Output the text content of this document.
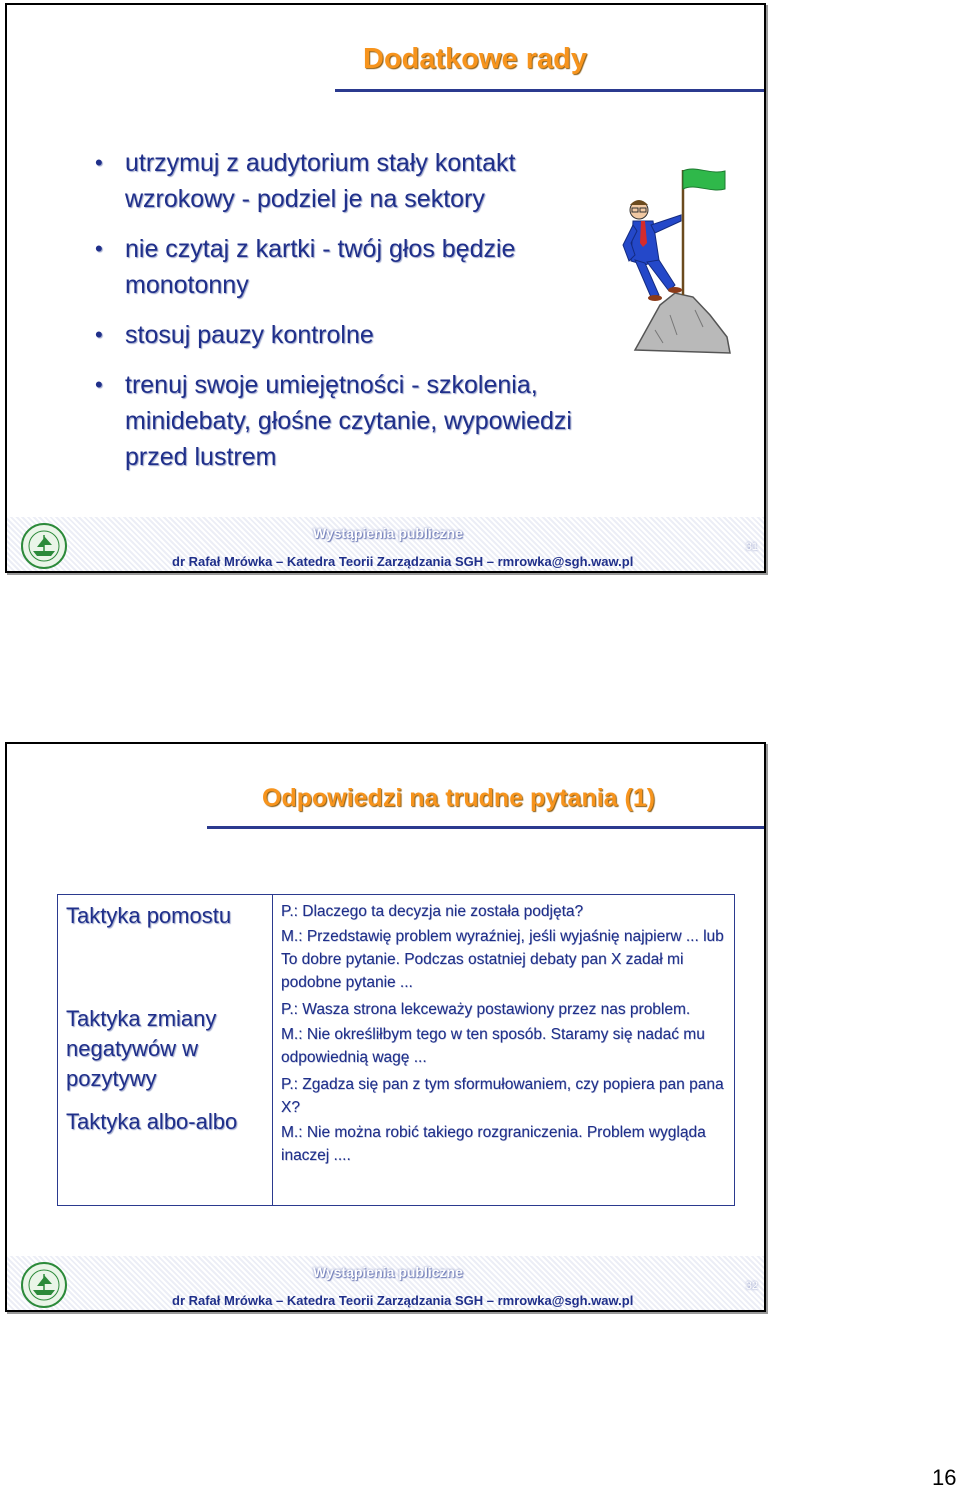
Dodatkowe rady
• utrzymuj z audytorium stały kontakt wzrokowy - podziel je na sektory
• nie czytaj z kartki - twój głos będzie monotonny
• stosuj pauzy kontrolne
• trenuj swoje umiejętności - szkolenia, minidebaty, głośne czytanie, wypowiedzi przed lustrem
Wystąpienia publiczne
dr Rafał Mrówka – Katedra Teorii Zarządzania SGH – rmrowka@sgh.waw.pl
31
Odpowiedzi na trudne pytania (1)
Taktyka pomostu
Taktyka zmiany negatywów w pozytywy
Taktyka albo-albo
P.: Dlaczego ta decyzja nie została podjęta?
M.: Przedstawię problem wyraźniej, jeśli wyjaśnię najpierw ... lub To dobre pytanie. Podczas ostatniej debaty pan X zadał mi podobne pytanie ...
P.: Wasza strona lekceważy postawiony przez nas problem.
M.: Nie określiłbym tego w ten sposób. Staramy się nadać mu odpowiednią wagę ...
P.: Zgadza się pan z tym sformułowaniem, czy popiera pan pana X?
M.: Nie można robić takiego rozgraniczenia. Problem wygląda inaczej ....
Wystąpienia publiczne
dr Rafał Mrówka – Katedra Teorii Zarządzania SGH – rmrowka@sgh.waw.pl
32
16
